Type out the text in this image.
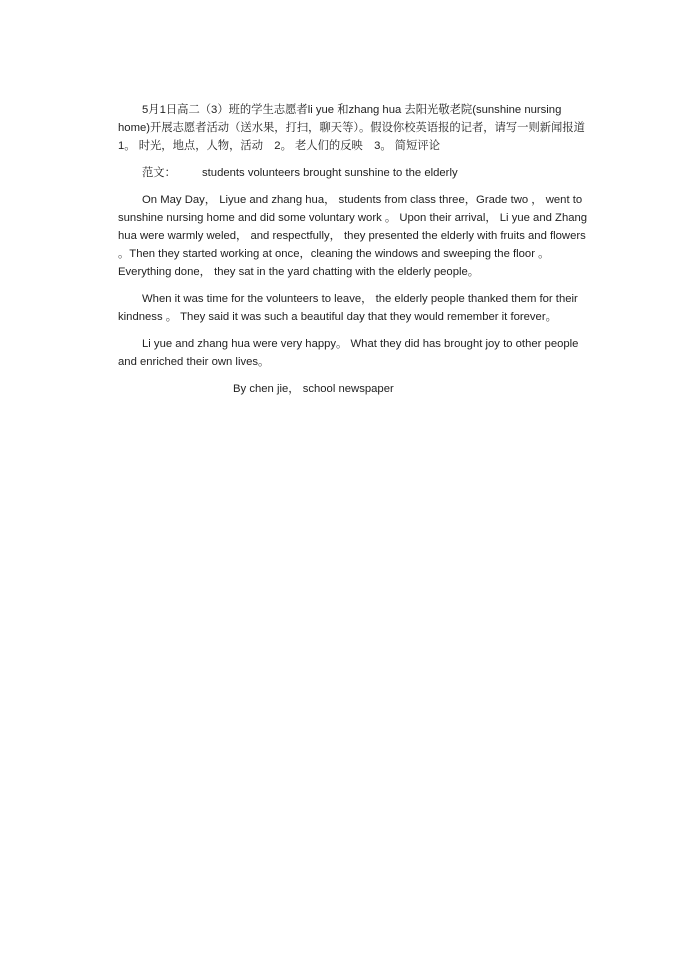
5月1日高二（3）班的学生志愿者li yue 和zhang hua 去阳光敬老院(sunshine nursing home)开展志愿者活动（送水果，打扫，聊天等）。假设你校英语报的记者，请写一则新闻报道　1。 时光，地点，人物，活动　2。 老人们的反映　3。 简短评论

范文： students volunteers brought sunshine to the elderly

On May Day， Liyue and zhang hua， students from class three，Grade two ， went to sunshine nursing home and did some voluntary work 。 Upon their arrival， Li yue and Zhang hua were warmly weled， and respectfully， they presented the elderly with fruits and flowers 。Then they started working at once，cleaning the windows and sweeping the floor 。 Everything done， they sat in the yard chatting with the elderly people。

When it was time for the volunteers to leave， the elderly people thanked them for their kindness 。 They said it was such a beautiful day that they would remember it forever。

Li yue and zhang hua were very happy。 What they did has brought joy to other people and enriched their own lives。

By chen jie， school newspaper
